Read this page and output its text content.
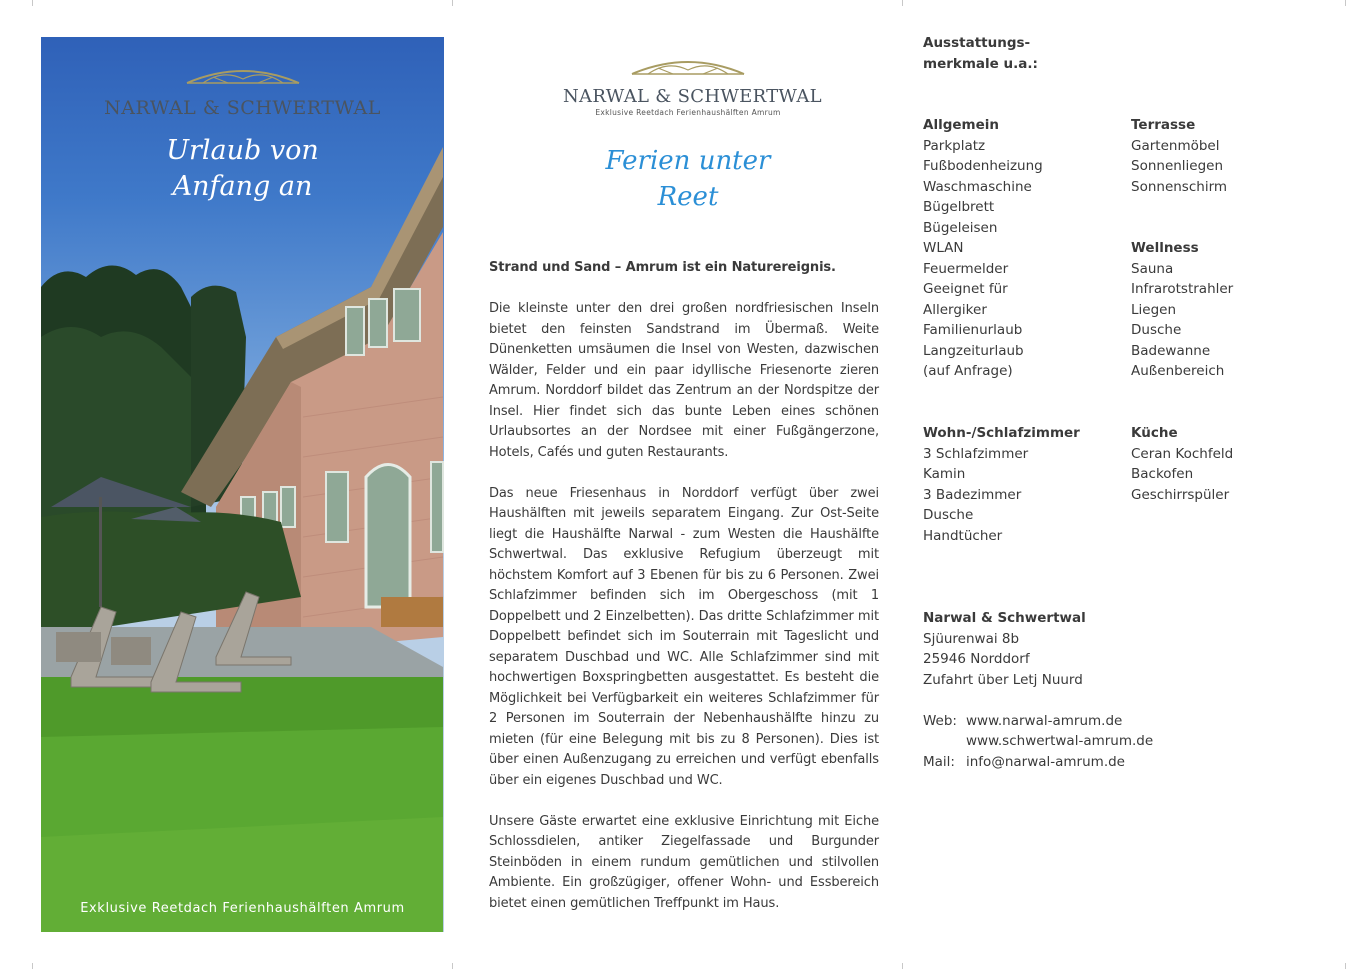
NARWAL & SCHWERTWAL
Urlaub von
Anfang an
Exklusive Reetdach Ferienhaushälften Amrum
NARWAL & SCHWERTWAL
Exklusive Reetdach Ferienhaushälften Amrum
Ferien unter
Reet

Strand und Sand – Amrum ist ein Naturereignis.

Die kleinste unter den drei großen nordfriesischen Inseln bietet den feinsten Sandstrand im Übermaß. Weite Dünenketten umsäumen die Insel von Westen, dazwischen Wälder, Felder und ein paar idyllische Friesenorte zieren Amrum. Norddorf bildet das Zentrum an der Nordspitze der Insel. Hier findet sich das bunte Leben eines schönen Urlaubsortes an der Nordsee mit einer Fußgängerzone, Hotels, Cafés und guten Restaurants.

Das neue Friesenhaus in Norddorf verfügt über zwei Haushälften mit jeweils separatem Eingang. Zur Ost-Seite liegt die Haushälfte Narwal - zum Westen die Haushälfte Schwertwal. Das exklusive Refugium überzeugt mit höchstem Komfort auf 3 Ebenen für bis zu 6 Personen. Zwei Schlafzimmer befinden sich im Obergeschoss (mit 1 Doppelbett und 2 Einzelbetten). Das dritte Schlafzimmer mit Doppelbett befindet sich im Souterrain mit Tageslicht und separatem Duschbad und WC. Alle Schlafzimmer sind mit hochwertigen Boxspringbetten ausgestattet. Es besteht die Möglichkeit bei Verfügbarkeit ein weiteres Schlafzimmer für 2 Personen im Souterrain der Nebenhaushälfte hinzu zu mieten (für eine Belegung mit bis zu 8 Personen). Dies ist über einen Außenzugang zu erreichen und verfügt ebenfalls über ein eigenes Duschbad und WC.

Unsere Gäste erwartet eine exklusive Einrichtung mit Eiche Schlossdielen, antiker Ziegelfassade und Burgunder Steinböden in einem rundum gemütlichen und stilvollen Ambiente. Ein großzügiger, offener Wohn- und Essbereich bietet einen gemütlichen Treffpunkt im Haus.

Ausstattungs-
merkmale u.a.:
Allgemein
Parkplatz
Fußbodenheizung
Waschmaschine
Bügelbrett
Bügeleisen
WLAN
Feuermelder
Geeignet für
Allergiker
Familienurlaub
Langzeiturlaub
(auf Anfrage)
Terrasse
Gartenmöbel
Sonnenliegen
Sonnenschirm
Wellness
Sauna
Infrarotstrahler
Liegen
Dusche
Badewanne
Außenbereich
Wohn-/Schlafzimmer
3 Schlafzimmer
Kamin
3 Badezimmer
Dusche
Handtücher
Küche
Ceran Kochfeld
Backofen
Geschirrspüler
Narwal & Schwertwal
Sjüurenwai 8b
25946 Norddorf
Zufahrt über Letj Nuurd
Web: www.narwal-amrum.de
www.schwertwal-amrum.de
Mail: info@narwal-amrum.de
